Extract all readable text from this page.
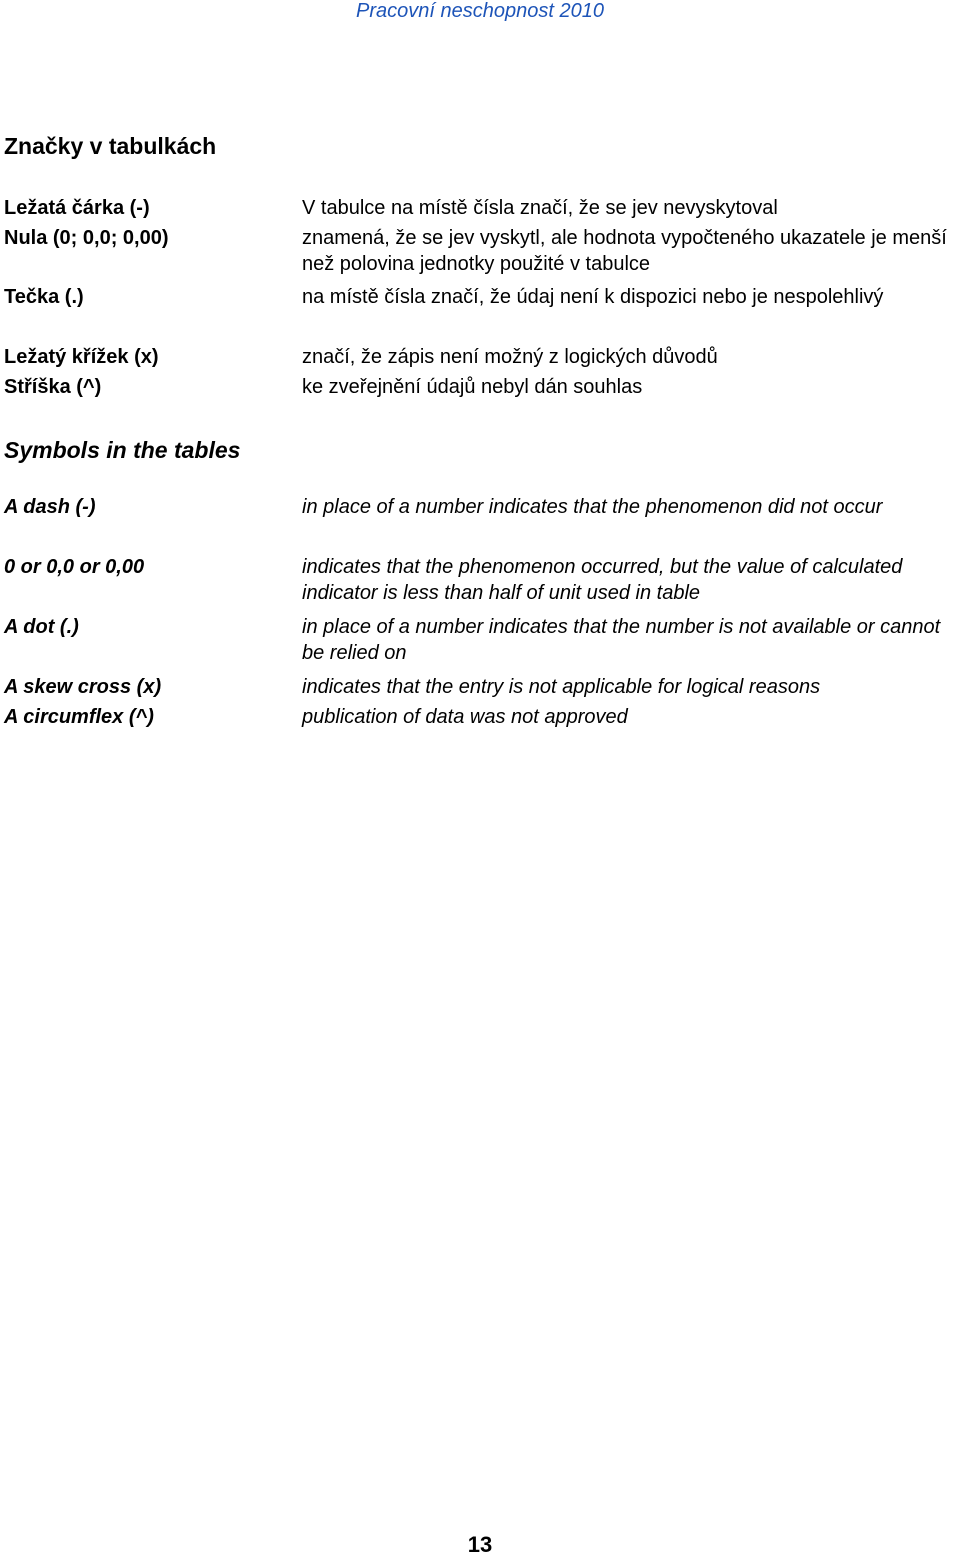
Pracovní neschopnost 2010
Značky v tabulkách
Ležatá čárka (-)	V tabulce na místě čísla značí, že se jev nevyskytoval
Nula (0; 0,0; 0,00)	znamená, že se jev vyskytl, ale hodnota vypočteného ukazatele je menší než polovina jednotky použité v tabulce
Tečka (.)	na místě čísla značí, že údaj není k dispozici nebo je nespolehlivý
Ležatý křížek (x)	značí, že zápis není možný z logických důvodů
Stříška (^)	ke zveřejnění údajů nebyl dán souhlas
Symbols in the tables
A dash (-)	in place of a number indicates that the phenomenon did not occur
0 or 0,0 or 0,00	indicates that the phenomenon occurred, but the value of calculated indicator is less than half of unit used in table
A dot (.)	in place of a number indicates that the number is not available or cannot be relied on
A skew cross (x)	indicates that the entry is not applicable for logical reasons
A circumflex (^)	publication of data was not approved
13
